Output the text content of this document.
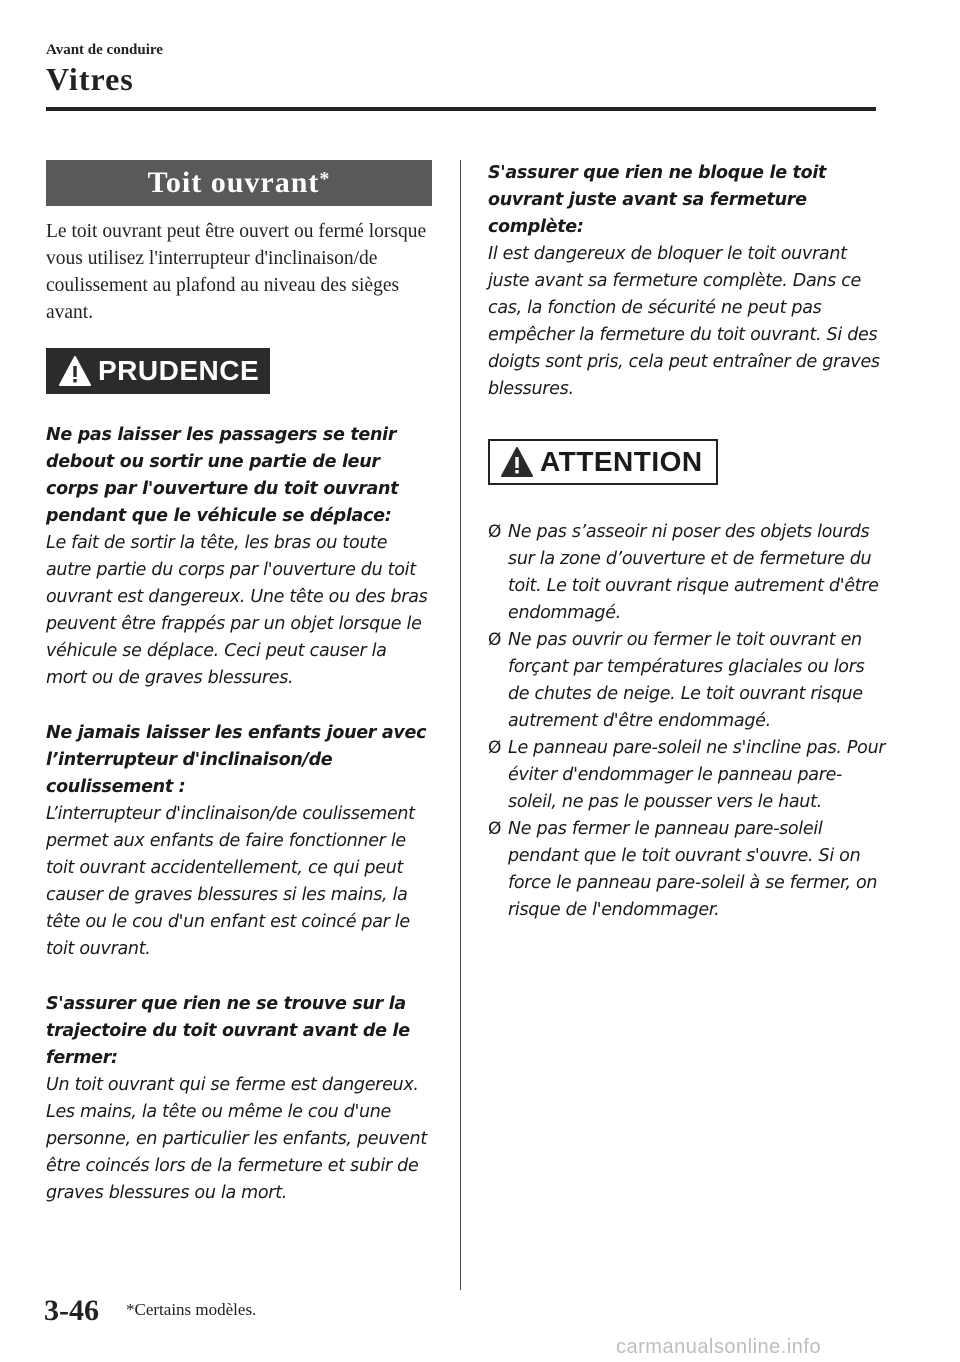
Avant de conduire
Vitres
Toit ouvrant*

Le toit ouvrant peut être ouvert ou fermé lorsque vous utilisez l'interrupteur d'inclinaison/de coulissement au plafond au niveau des sièges avant.

PRUDENCE
Ne pas laisser les passagers se tenir debout ou sortir une partie de leur corps par l'ouverture du toit ouvrant pendant que le véhicule se déplace:
Le fait de sortir la tête, les bras ou toute autre partie du corps par l'ouverture du toit ouvrant est dangereux. Une tête ou des bras peuvent être frappés par un objet lorsque le véhicule se déplace. Ceci peut causer la mort ou de graves blessures.
Ne jamais laisser les enfants jouer avec l’interrupteur d'inclinaison/de coulissement :
L’interrupteur d'inclinaison/de coulissement permet aux enfants de faire fonctionner le toit ouvrant accidentellement, ce qui peut causer de graves blessures si les mains, la tête ou le cou d'un enfant est coincé par le toit ouvrant.
S'assurer que rien ne se trouve sur la trajectoire du toit ouvrant avant de le fermer:
Un toit ouvrant qui se ferme est dangereux. Les mains, la tête ou même le cou d'une personne, en particulier les enfants, peuvent être coincés lors de la fermeture et subir de graves blessures ou la mort.
S'assurer que rien ne bloque le toit ouvrant juste avant sa fermeture complète:
Il est dangereux de bloquer le toit ouvrant juste avant sa fermeture complète. Dans ce cas, la fonction de sécurité ne peut pas empêcher la fermeture du toit ouvrant. Si des doigts sont pris, cela peut entraîner de graves blessures.
ATTENTION
Ø Ne pas s’asseoir ni poser des objets lourds sur la zone d’ouverture et de fermeture du toit. Le toit ouvrant risque autrement d'être endommagé.
Ø Ne pas ouvrir ou fermer le toit ouvrant en forçant par températures glaciales ou lors de chutes de neige. Le toit ouvrant risque autrement d'être endommagé.
Ø Le panneau pare-soleil ne s'incline pas. Pour éviter d'endommager le panneau pare-soleil, ne pas le pousser vers le haut.
Ø Ne pas fermer le panneau pare-soleil pendant que le toit ouvrant s'ouvre. Si on force le panneau pare-soleil à se fermer, on risque de l'endommager.
3-46 *Certains modèles.
carmanualsonline.info
